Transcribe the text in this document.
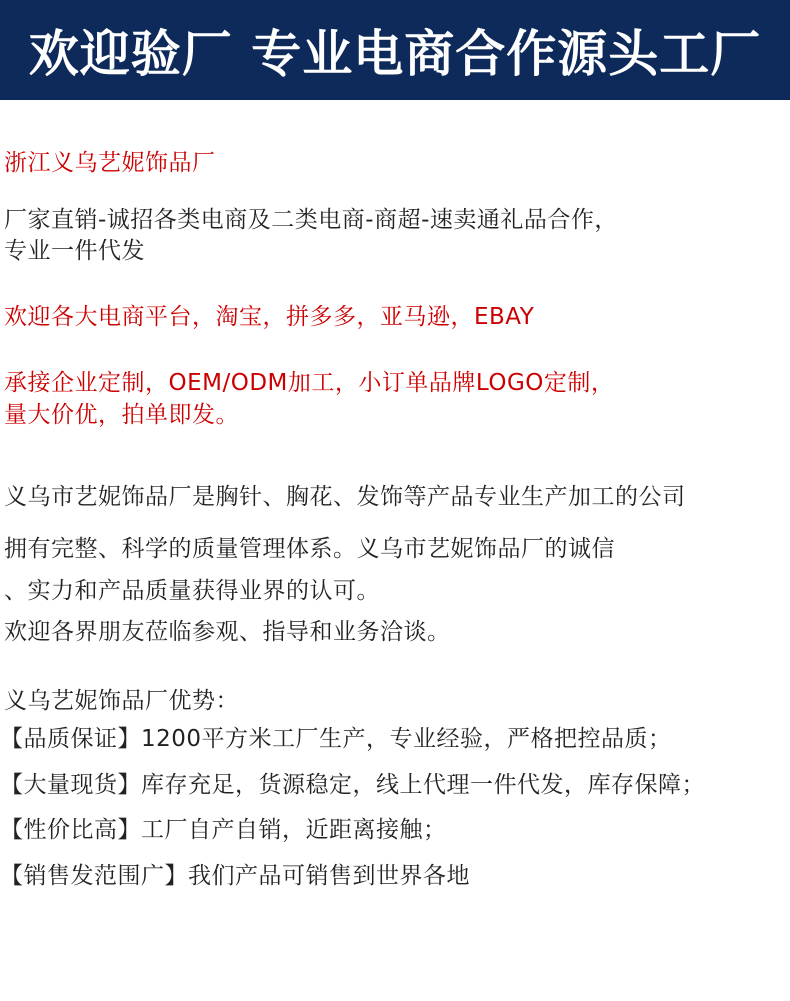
欢迎验厂 专业电商合作源头工厂
浙江义乌艺妮饰品厂
厂家直销-诚招各类电商及二类电商-商超-速卖通礼品合作，
专业一件代发
欢迎各大电商平台，淘宝，拼多多，亚马逊，EBAY
承接企业定制，OEM/ODM加工，小订单品牌LOGO定制，
量大价优，拍单即发。
义乌市艺妮饰品厂是胸针、胸花、发饰等产品专业生产加工的公司
拥有完整、科学的质量管理体系。义乌市艺妮饰品厂的诚信
、实力和产品质量获得业界的认可。
欢迎各界朋友莅临参观、指导和业务洽谈。
义乌艺妮饰品厂优势：
【品质保证】1200平方米工厂生产，专业经验，严格把控品质；
【大量现货】库存充足，货源稳定，线上代理一件代发，库存保障；
【性价比高】工厂自产自销，近距离接触；
【销售发范围广】我们产品可销售到世界各地
